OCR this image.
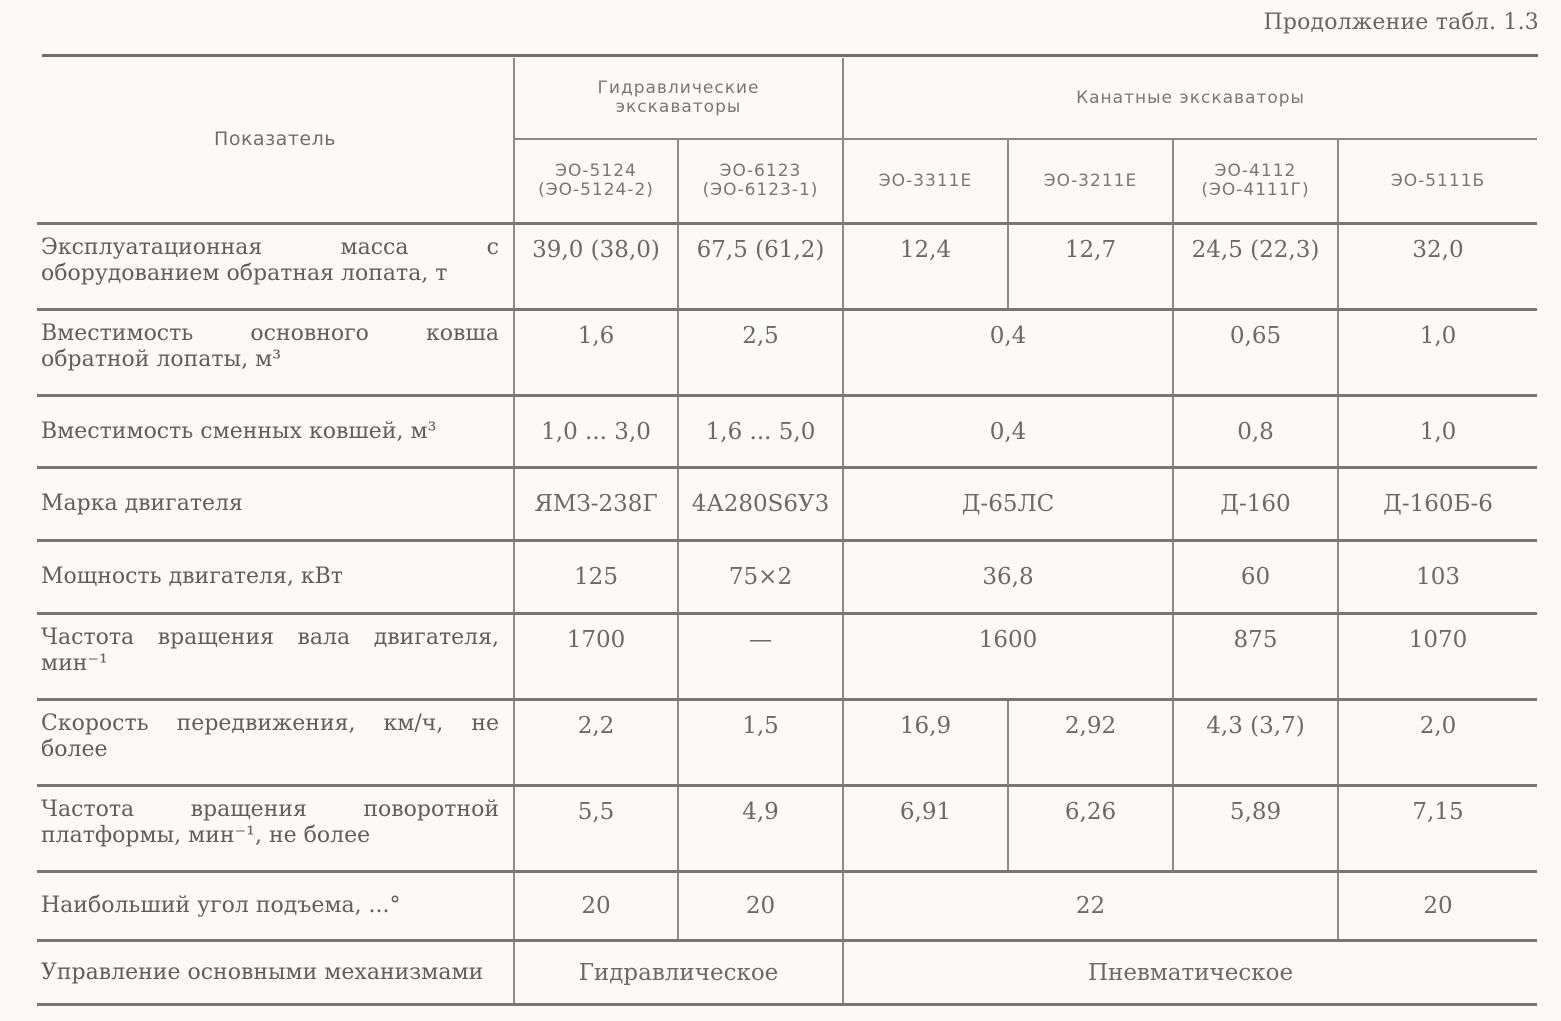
Продолжение табл. 1.3
Показатель	Гидравлические экскаваторы		Канатные экскаваторы			
	ЭО-5124 (ЭО-5124-2)	ЭО-6123 (ЭО-6123-1)	ЭО-3311Е	ЭО-3211Е	ЭО-4112 (ЭО-4111Г)	ЭО-5111Б
Эксплуатационная масса с оборудованием обратная лопата, т	39,0 (38,0)	67,5 (61,2)	12,4	12,7	24,5 (22,3)	32,0
Вместимость основного ковша обратной лопаты, м³	1,6	2,5	0,4		0,65	1,0
Вместимость сменных ковшей, м³	1,0 ... 3,0	1,6 ... 5,0	0,4		0,8	1,0
Марка двигателя	ЯМЗ-238Г	4А280S6У3	Д-65ЛС		Д-160	Д-160Б-6
Мощность двигателя, кВт	125	75×2	36,8		60	103
Частота вращения вала двигателя, мин⁻¹	1700	—	1600		875	1070
Скорость передвижения, км/ч, не более	2,2	1,5	16,9	2,92	4,3 (3,7)	2,0
Частота вращения поворотной платформы, мин⁻¹, не более	5,5	4,9	6,91	6,26	5,89	7,15
Наибольший угол подъема, ...°	20	20	22			20
Управление основными механизмами	Гидравлическое		Пневматическое			
